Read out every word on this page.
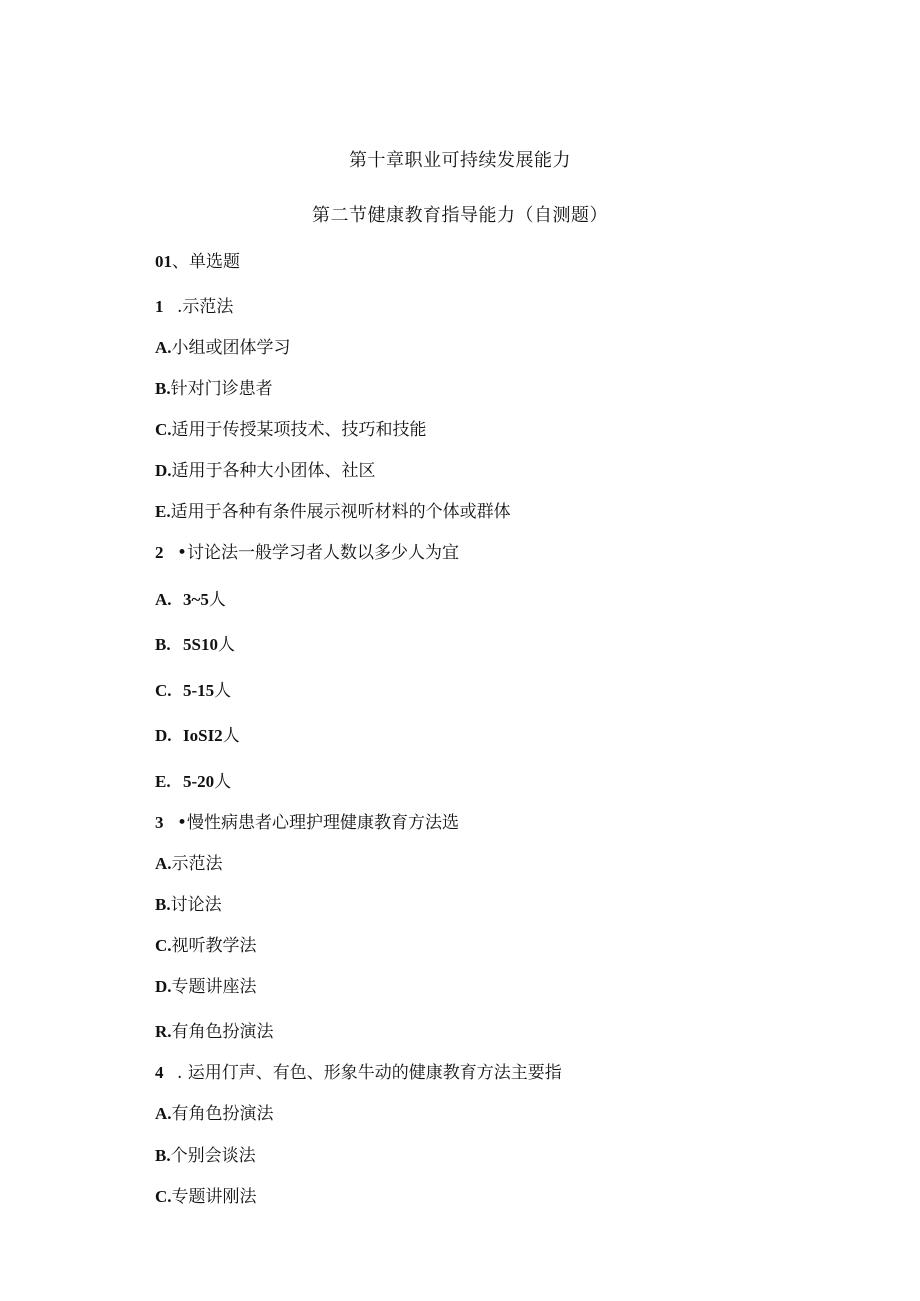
第十章职业可持续发展能力
第二节健康教育指导能力（自测题）
01、单选题
1 .示范法
A.小组或团体学习
B.针对门诊患者
C.适用于传授某项技术、技巧和技能
D.适用于各种大小团体、社区
E.适用于各种有条件展示视听材料的个体或群体
2 •讨论法一般学习者人数以多少人为宜
A. 3~5人
B. 5S10人
C. 5-15人
D. IoSI2人
E. 5-20人
3 •慢性病患者心理护理健康教育方法选
A.示范法
B.讨论法
C.视听教学法
D.专题讲座法
R.有角色扮演法
4 . 运用仃声、有色、形象牛动的健康教育方法主要指
A.有角色扮演法
B.个别会谈法
C.专题讲刚法
